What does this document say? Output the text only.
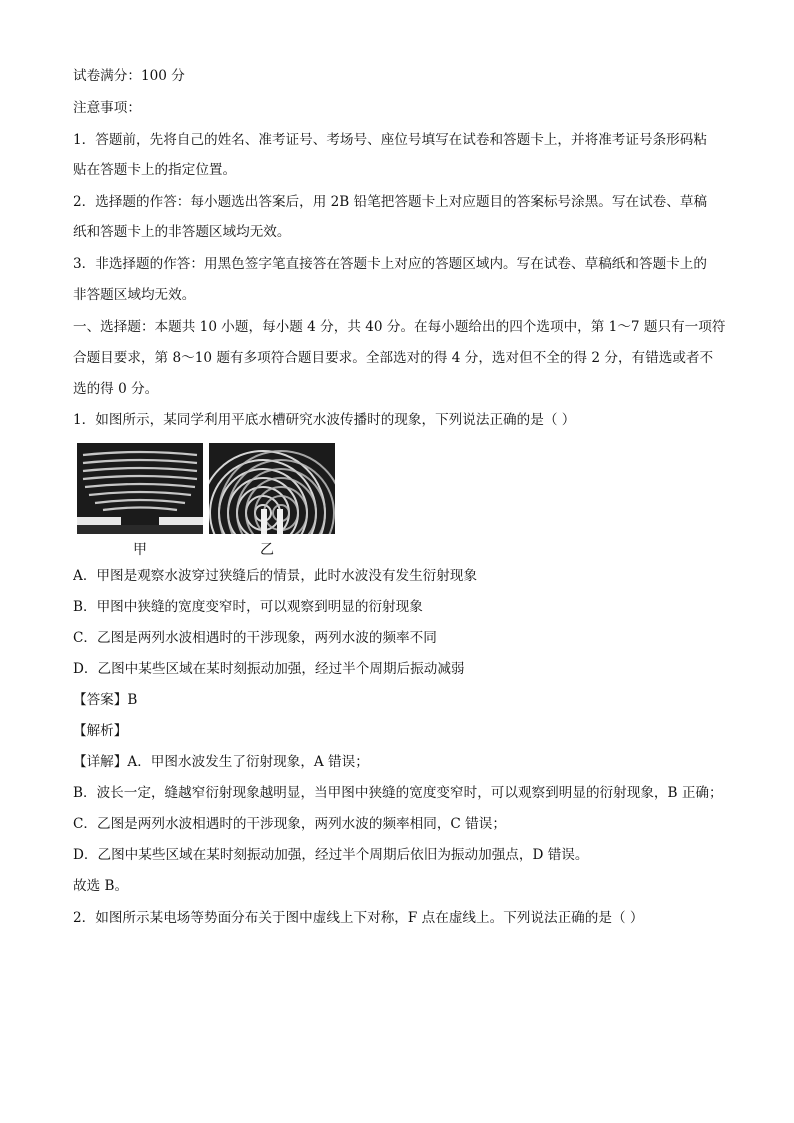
试卷满分：100 分
注意事项：
1．答题前，先将自己的姓名、准考证号、考场号、座位号填写在试卷和答题卡上，并将准考证号条形码粘
贴在答题卡上的指定位置。
2．选择题的作答：每小题选出答案后，用 2B 铅笔把答题卡上对应题目的答案标号涂黑。写在试卷、草稿
纸和答题卡上的非答题区域均无效。
3．非选择题的作答：用黑色签字笔直接答在答题卡上对应的答题区域内。写在试卷、草稿纸和答题卡上的
非答题区域均无效。
一、选择题：本题共 10 小题，每小题 4 分，共 40 分。在每小题给出的四个选项中，第 1～7 题只有一项符
合题目要求，第 8～10 题有多项符合题目要求。全部选对的得 4 分，选对但不全的得 2 分，有错选或者不
选的得 0 分。
1．如图所示，某同学利用平底水槽研究水波传播时的现象，下列说法正确的是（ ）
甲	乙
A．甲图是观察水波穿过狭缝后的情景，此时水波没有发生衍射现象
B．甲图中狭缝的宽度变窄时，可以观察到明显的衍射现象
C．乙图是两列水波相遇时的干涉现象，两列水波的频率不同
D．乙图中某些区域在某时刻振动加强，经过半个周期后振动减弱
【答案】B
【解析】
【详解】A．甲图水波发生了衍射现象，A 错误；
B．波长一定，缝越窄衍射现象越明显，当甲图中狭缝的宽度变窄时，可以观察到明显的衍射现象，B 正确；
C．乙图是两列水波相遇时的干涉现象，两列水波的频率相同，C 错误；
D．乙图中某些区域在某时刻振动加强，经过半个周期后依旧为振动加强点，D 错误。
故选 B。
2．如图所示某电场等势面分布关于图中虚线上下对称，F 点在虚线上。下列说法正确的是（ ）
